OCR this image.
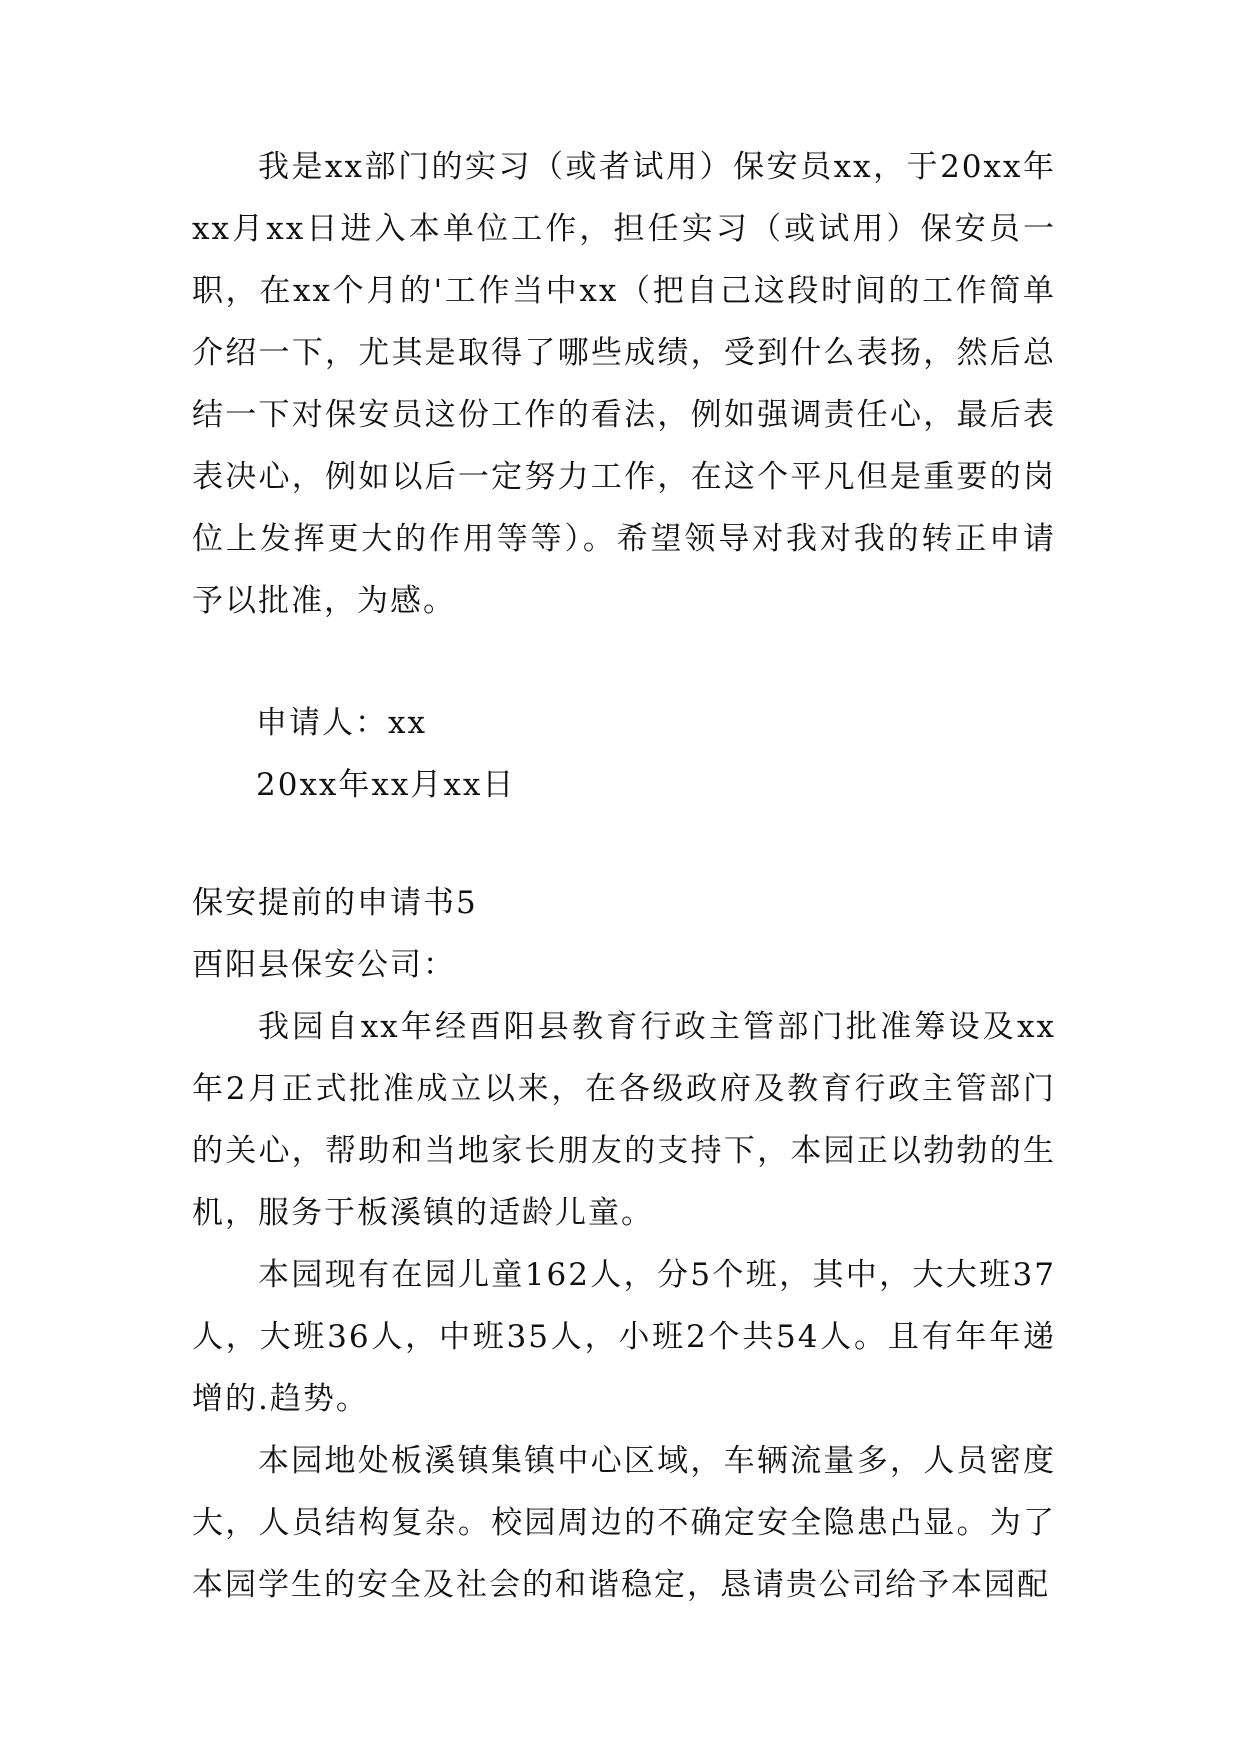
我是xx部门的实习（或者试用）保安员xx，于20xx年xx月xx日进入本单位工作，担任实习（或试用）保安员一职，在xx个月的'工作当中xx（把自己这段时间的工作简单介绍一下，尤其是取得了哪些成绩，受到什么表扬，然后总结一下对保安员这份工作的看法，例如强调责任心，最后表表决心，例如以后一定努力工作，在这个平凡但是重要的岗位上发挥更大的作用等等）。希望领导对我对我的转正申请予以批准，为感。

申请人：xx
20xx年xx月xx日
保安提前的申请书5
酉阳县保安公司：

我园自xx年经酉阳县教育行政主管部门批准筹设及xx年2月正式批准成立以来，在各级政府及教育行政主管部门的关心，帮助和当地家长朋友的支持下，本园正以勃勃的生机，服务于板溪镇的适龄儿童。

本园现有在园儿童162人，分5个班，其中，大大班37人，大班36人，中班35人，小班2个共54人。且有年年递增的.趋势。

本园地处板溪镇集镇中心区域，车辆流量多，人员密度大，人员结构复杂。校园周边的不确定安全隐患凸显。为了本园学生的安全及社会的和谐稳定，恳请贵公司给予本园配
